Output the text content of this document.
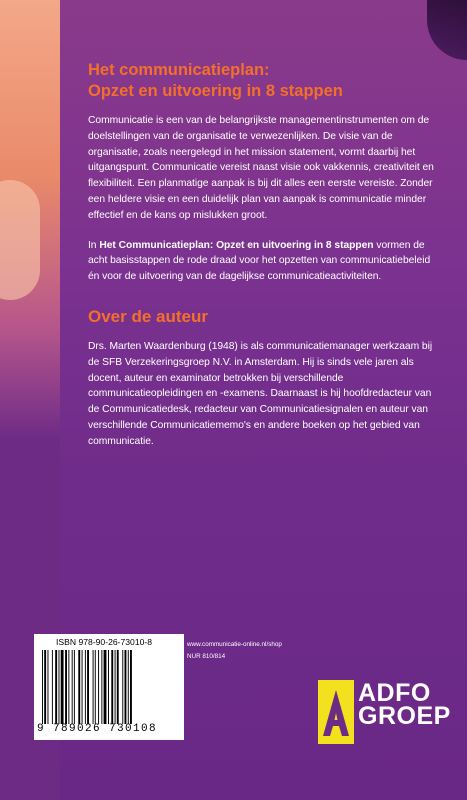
Het communicatieplan:
Opzet en uitvoering in 8 stappen

Communicatie is een van de belangrijkste managementinstrumenten om de doelstellingen van de organisatie te verwezenlijken. De visie van de organisatie, zoals neergelegd in het mission statement, vormt daarbij het uitgangspunt. Communicatie vereist naast visie ook vakkennis, creativiteit en flexibiliteit. Een planmatige aanpak is bij dit alles een eerste vereiste. Zonder een heldere visie en een duidelijk plan van aanpak is communicatie minder effectief en de kans op mislukken groot.

In Het Communicatieplan: Opzet en uitvoering in 8 stappen vormen de acht basisstappen de rode draad voor het opzetten van communicatiebeleid én voor de uitvoering van de dagelijkse communicatieactiviteiten.

Over de auteur

Drs. Marten Waardenburg (1948) is als communicatiemanager werkzaam bij de SFB Verzekeringsgroep N.V. in Amsterdam. Hij is sinds vele jaren als docent, auteur en examinator betrokken bij verschillende communicatieopleidingen en -examens. Daarnaast is hij hoofdredacteur van de Communicatiedesk, redacteur van Communicatiesignalen en auteur van verschillende Communicatiememo's en andere boeken op het gebied van communicatie.

ISBN 978-90-26-73010-8
9 789026 730108
www.communicatie-online.nl/shop
NUR 810/814
ADFO
GROEP
